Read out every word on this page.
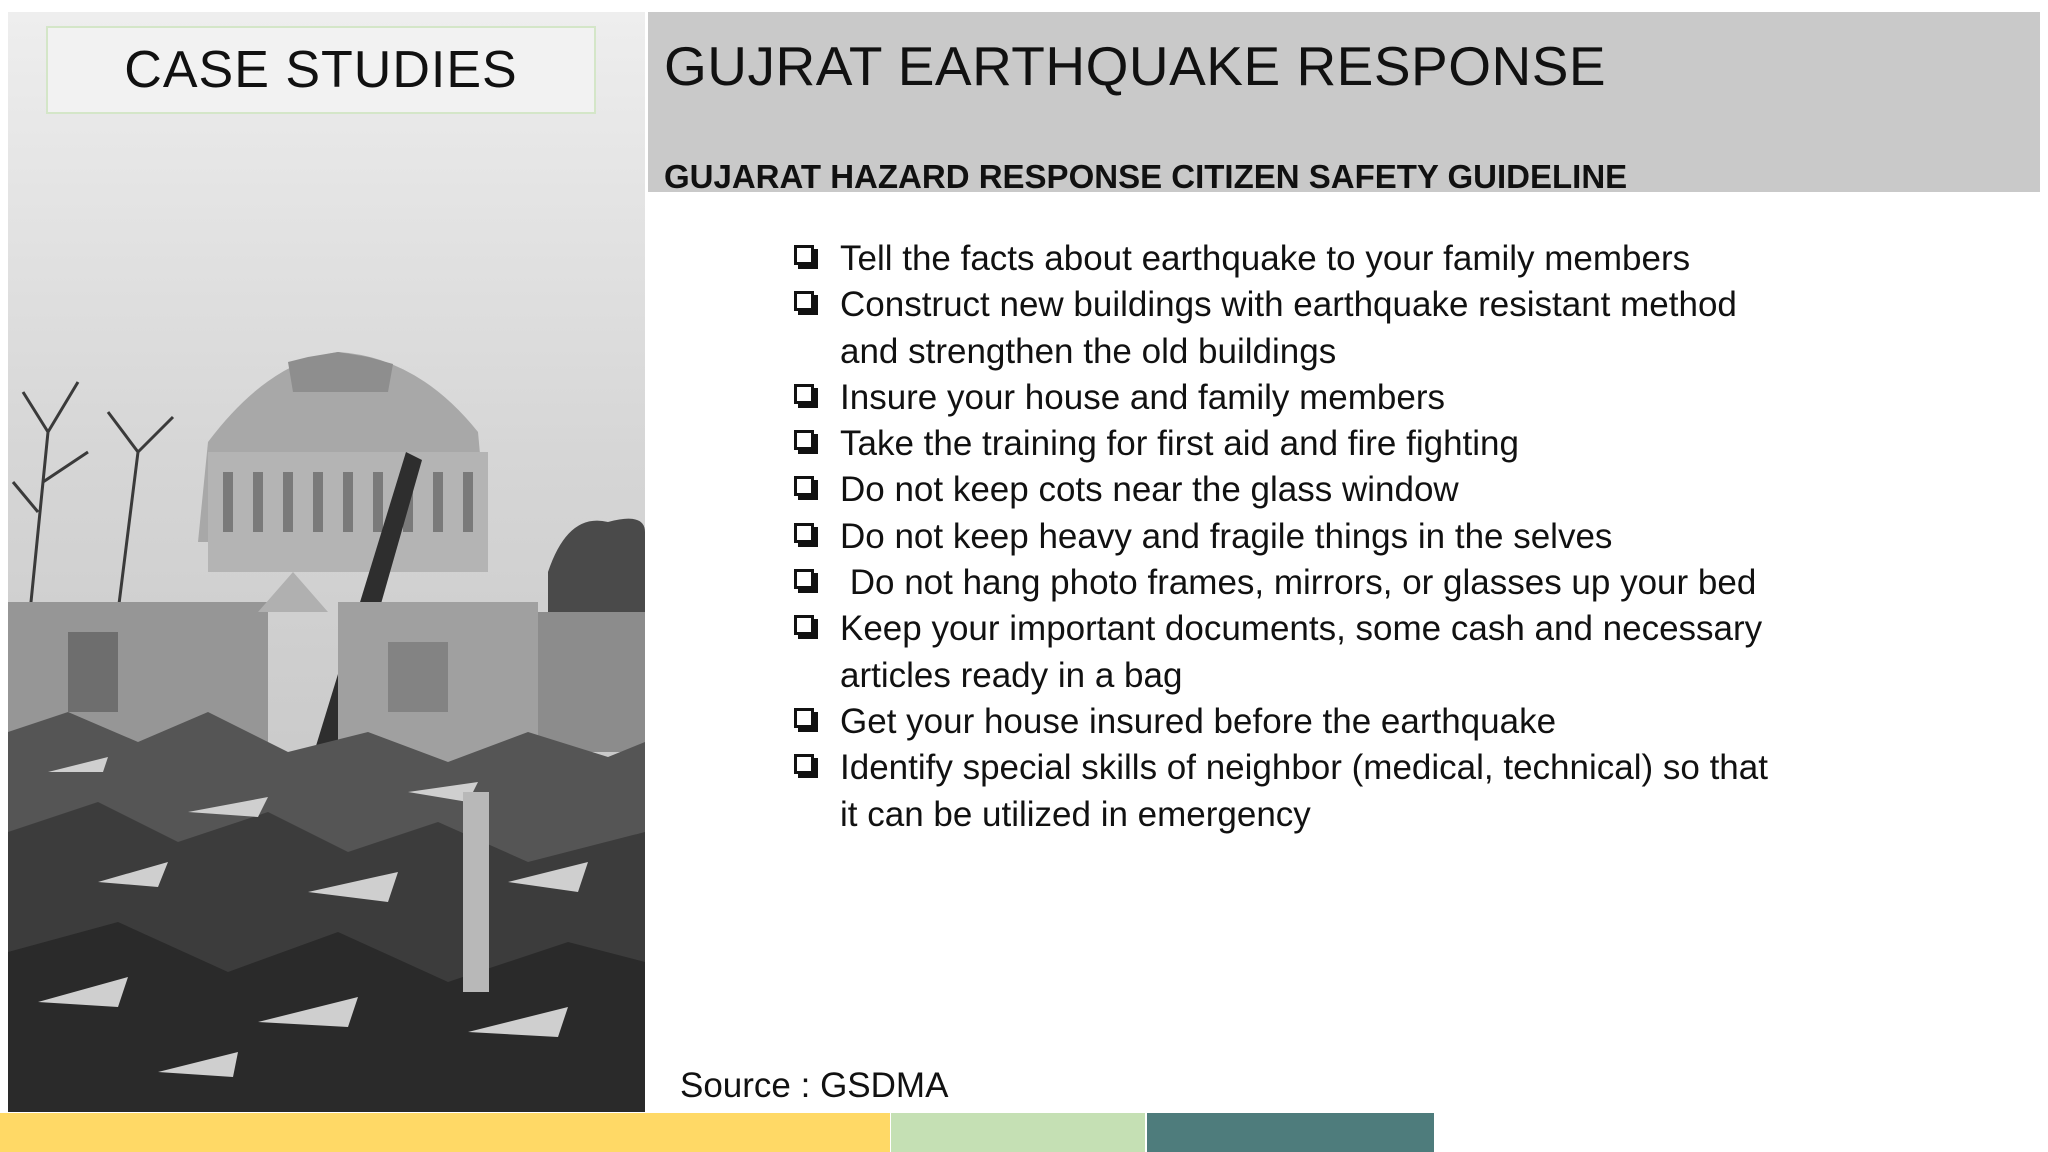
CASE STUDIES	GUJRAT EARTHQUAKE RESPONSE
GUJARAT HAZARD RESPONSE CITIZEN SAFETY GUIDELINE
Tell the facts about earthquake to your family members
Construct new buildings with earthquake resistant method and strengthen the old buildings
Insure your house and family members
Take the training for first aid and fire fighting
Do not keep cots near the glass window
Do not keep heavy and fragile things in the selves
Do not hang photo frames, mirrors, or glasses up your bed
Keep your important documents, some cash and necessary articles ready in a bag
Get your house insured before the earthquake
Identify special skills of neighbor (medical, technical) so that it can be utilized in emergency
Source : GSDMA
